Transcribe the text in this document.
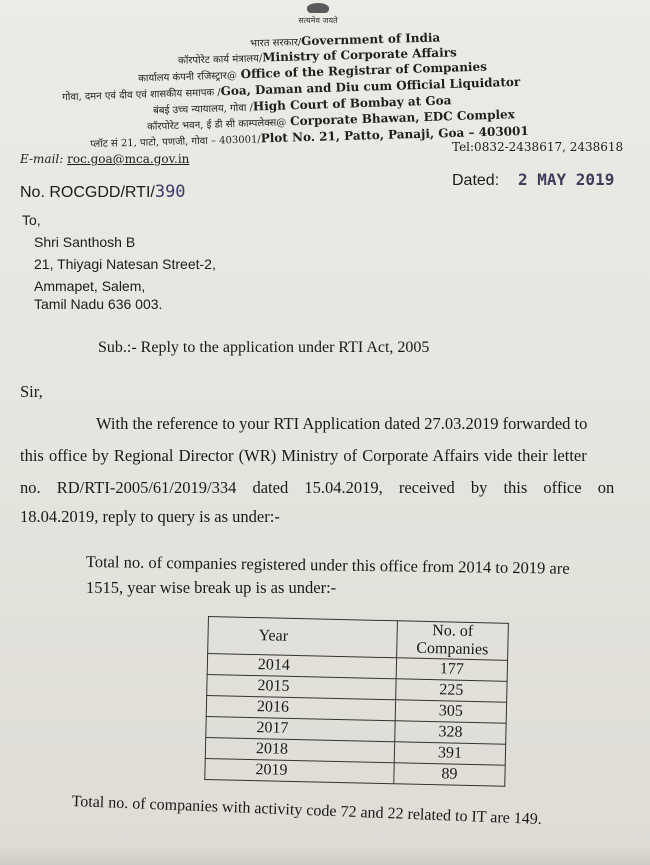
सत्यमेव जयते
भारत सरकार/Government of India
कॉरपोरेट कार्य मंत्रालय/Ministry of Corporate Affairs
कार्यालय कंपनी रजिस्ट्रार@ Office of the Registrar of Companies
गोवा, दमन एवं दीव एवं शासकीय समापक /Goa, Daman and Diu cum Official Liquidator
बंबई उच्च न्यायालय, गोवा /High Court of Bombay at Goa
कॉरपोरेट भवन, ई डी सी काम्पलेक्स@ Corporate Bhawan, EDC Complex
प्लॉट सं 21, पाटो, पणजी, गोवा – 403001/Plot No. 21, Patto, Panaji, Goa – 403001
E-mail: roc.goa@mca.gov.in
Tel:0832-2438617, 2438618
No. ROCGDD/RTI/390
Dated: 2 MAY 2019
To,
Shri Santhosh B
21, Thiyagi Natesan Street-2,
Ammapet, Salem,
Tamil Nadu 636 003.
Sub.:- Reply to the application under RTI Act, 2005
Sir,
With the reference to your RTI Application dated 27.03.2019 forwarded to
this office by Regional Director (WR) Ministry of Corporate Affairs vide their letter
no. RD/RTI-2005/61/2019/334 dated 15.04.2019, received by this office on
18.04.2019, reply to query is as under:-
Total no. of companies registered under this office from 2014 to 2019 are
1515, year wise break up is as under:-
Year	No. of Companies
2014	177
2015	225
2016	305
2017	328
2018	391
2019	89
Total no. of companies with activity code 72 and 22 related to IT are 149.
